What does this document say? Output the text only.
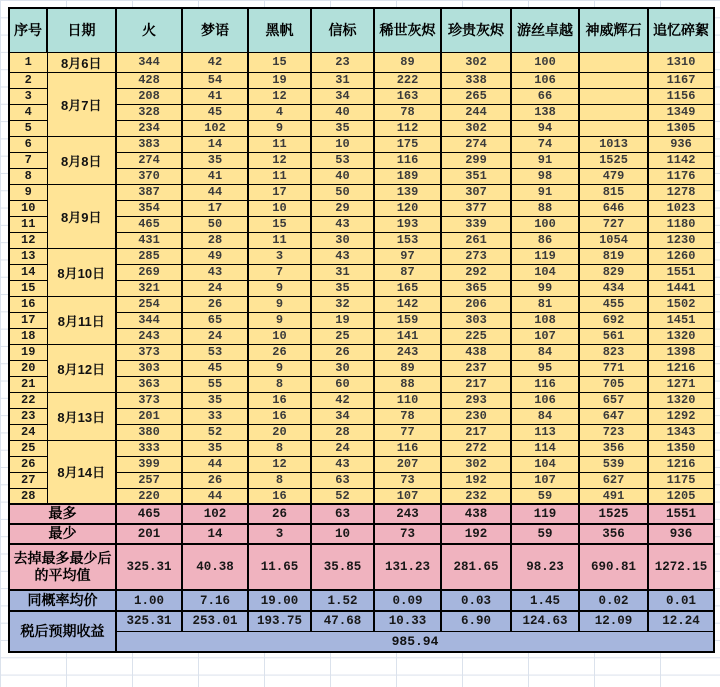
序号	日期	火	梦语	黑帆	信标	稀世灰烬	珍贵灰烬	游丝卓越	神威辉石	追忆碎絮
1	8月6日	344	42	15	23	89	302	100		1310
2	8月7日	428	54	19	31	222	338	106		1167
3		208	41	12	34	163	265	66		1156
4		328	45	4	40	78	244	138		1349
5		234	102	9	35	112	302	94		1305
6	8月8日	383	14	11	10	175	274	74	1013	936
7		274	35	12	53	116	299	91	1525	1142
8		370	41	11	40	189	351	98	479	1176
9	8月9日	387	44	17	50	139	307	91	815	1278
10		354	17	10	29	120	377	88	646	1023
11		465	50	15	43	193	339	100	727	1180
12		431	28	11	30	153	261	86	1054	1230
13	8月10日	285	49	3	43	97	273	119	819	1260
14		269	43	7	31	87	292	104	829	1551
15		321	24	9	35	165	365	99	434	1441
16	8月11日	254	26	9	32	142	206	81	455	1502
17		344	65	9	19	159	303	108	692	1451
18		243	24	10	25	141	225	107	561	1320
19	8月12日	373	53	26	26	243	438	84	823	1398
20		303	45	9	30	89	237	95	771	1216
21		363	55	8	60	88	217	116	705	1271
22	8月13日	373	35	16	42	110	293	106	657	1320
23		201	33	16	34	78	230	84	647	1292
24		380	52	20	28	77	217	113	723	1343
25	8月14日	333	35	8	24	116	272	114	356	1350
26		399	44	12	43	207	302	104	539	1216
27		257	26	8	63	73	192	107	627	1175
28		220	44	16	52	107	232	59	491	1205
最多		465	102	26	63	243	438	119	1525	1551
最少		201	14	3	10	73	192	59	356	936
去掉最多最少后的平均值		325.31	40.38	11.65	35.85	131.23	281.65	98.23	690.81	1272.15
同概率均价		1.00	7.16	19.00	1.52	0.09	0.03	1.45	0.02	0.01
税后预期收益		325.31	253.01	193.75	47.68	10.33	6.90	124.63	12.09	12.24
		985.94								
